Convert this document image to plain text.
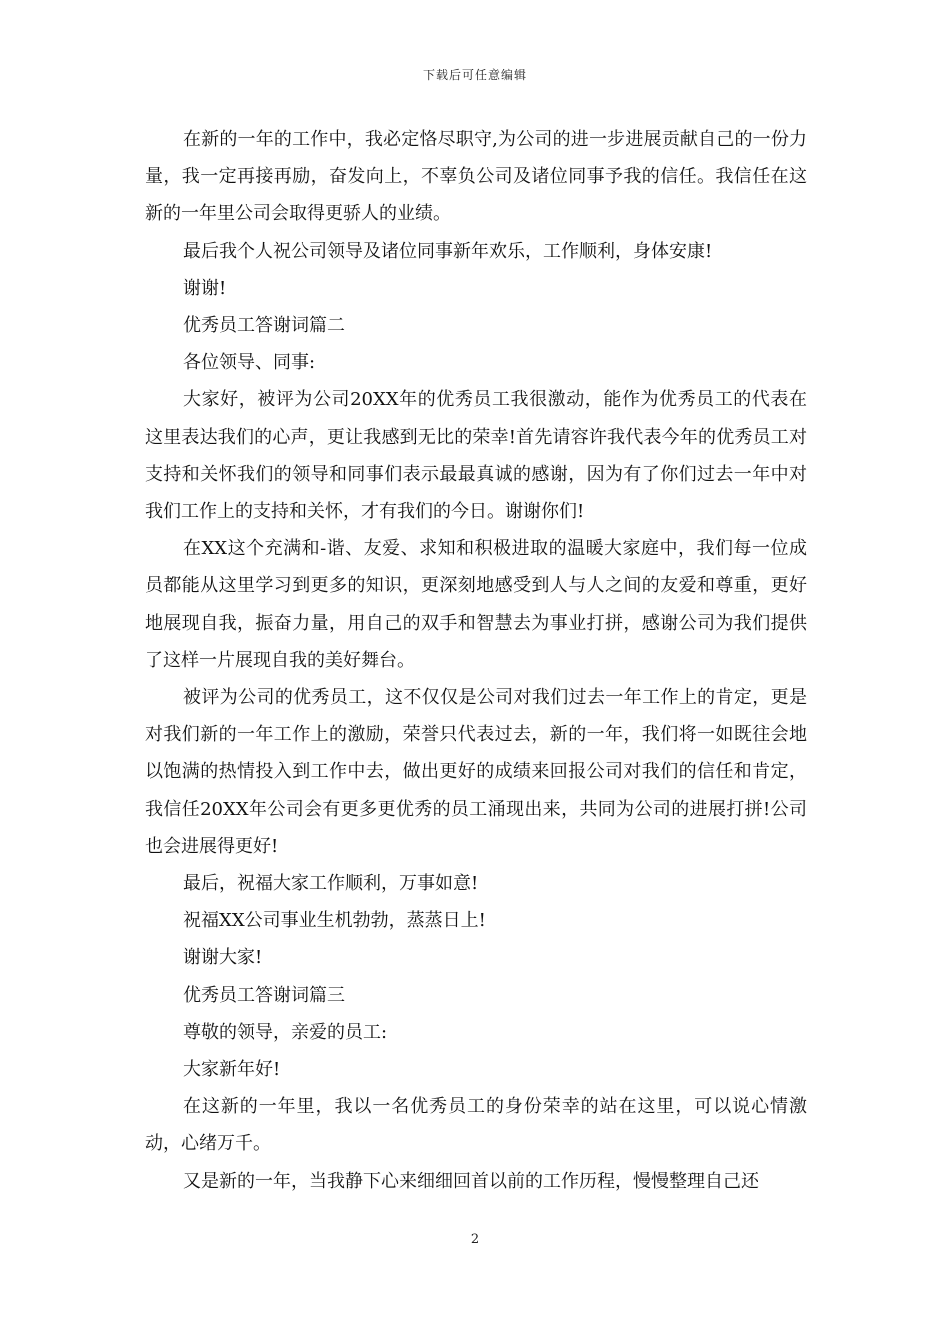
下载后可任意编辑

在新的一年的工作中，我必定恪尽职守,为公司的进一步进展贡献自己的一份力量，我一定再接再励，奋发向上，不辜负公司及诸位同事予我的信任。我信任在这新的一年里公司会取得更骄人的业绩。

最后我个人祝公司领导及诸位同事新年欢乐，工作顺利，身体安康!

谢谢!

优秀员工答谢词篇二

各位领导、同事:

大家好，被评为公司20XX年的优秀员工我很激动，能作为优秀员工的代表在这里表达我们的心声，更让我感到无比的荣幸!首先请容许我代表今年的优秀员工对支持和关怀我们的领导和同事们表示最最真诚的感谢，因为有了你们过去一年中对我们工作上的支持和关怀，才有我们的今日。谢谢你们!

在XX这个充满和-谐、友爱、求知和积极进取的温暖大家庭中，我们每一位成员都能从这里学习到更多的知识，更深刻地感受到人与人之间的友爱和尊重，更好地展现自我，振奋力量，用自己的双手和智慧去为事业打拼，感谢公司为我们提供了这样一片展现自我的美好舞台。

被评为公司的优秀员工，这不仅仅是公司对我们过去一年工作上的肯定，更是对我们新的一年工作上的激励，荣誉只代表过去，新的一年，我们将一如既往会地以饱满的热情投入到工作中去，做出更好的成绩来回报公司对我们的信任和肯定，我信任20XX年公司会有更多更优秀的员工涌现出来，共同为公司的进展打拼!公司也会进展得更好!

最后，祝福大家工作顺利，万事如意!

祝福XX公司事业生机勃勃，蒸蒸日上!

谢谢大家!

优秀员工答谢词篇三

尊敬的领导，亲爱的员工:

大家新年好!

在这新的一年里，我以一名优秀员工的身份荣幸的站在这里，可以说心情激动，心绪万千。

又是新的一年，当我静下心来细细回首以前的工作历程，慢慢整理自己还

2
